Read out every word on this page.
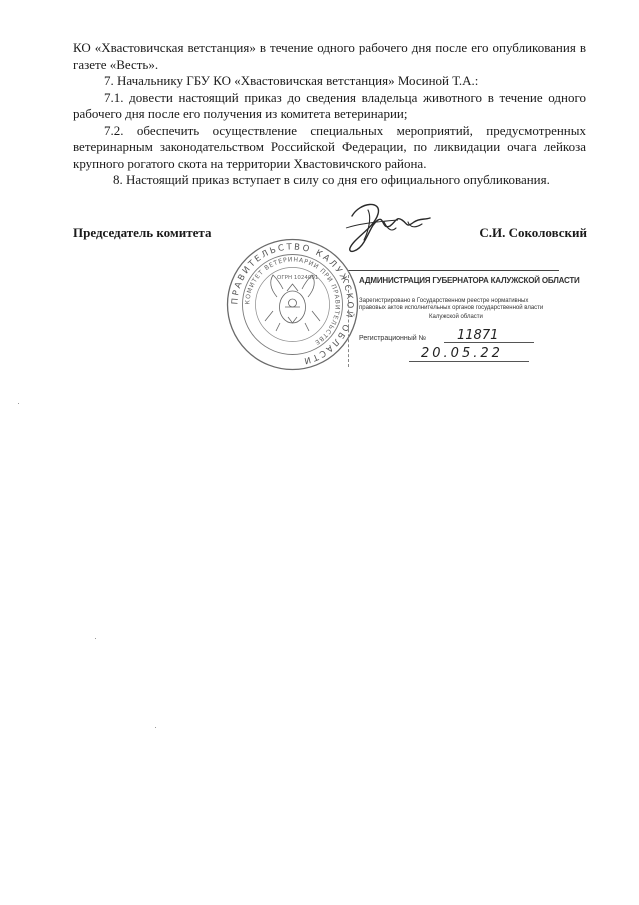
КО «Хвастовичская ветстанция» в течение одного рабочего дня после его опубликования в газете «Весть».

7. Начальнику ГБУ КО «Хвастовичская ветстанция» Мосиной Т.А.:

7.1. довести настоящий приказ до сведения владельца животного в течение одного рабочего дня после его получения из комитета ветеринарии;

7.2. обеспечить осуществление специальных мероприятий, предусмотренных ветеринарным законодательством Российской Федерации, по ликвидации очага лейкоза крупного рогатого скота на территории Хвастовичского района.

8. Настоящий приказ вступает в силу со дня его официального опубликования.

Председатель комитета	С.И. Соколовский
ПРАВИТЕЛЬСТВО КАЛУЖСКОЙ ОБЛАСТИ
КОМИТЕТ ВЕТЕРИНАРИИ ПРИ ПРАВИТЕЛЬСТВЕ
ОГРН 1024001	АДМИНИСТРАЦИЯ ГУБЕРНАТОРА КАЛУЖСКОЙ ОБЛАСТИ
Зарегистрировано в Государственном реестре нормативных
правовых актов исполнительных органов государственной власти
Калужской области
Регистрационный № 11871
20.05.22
